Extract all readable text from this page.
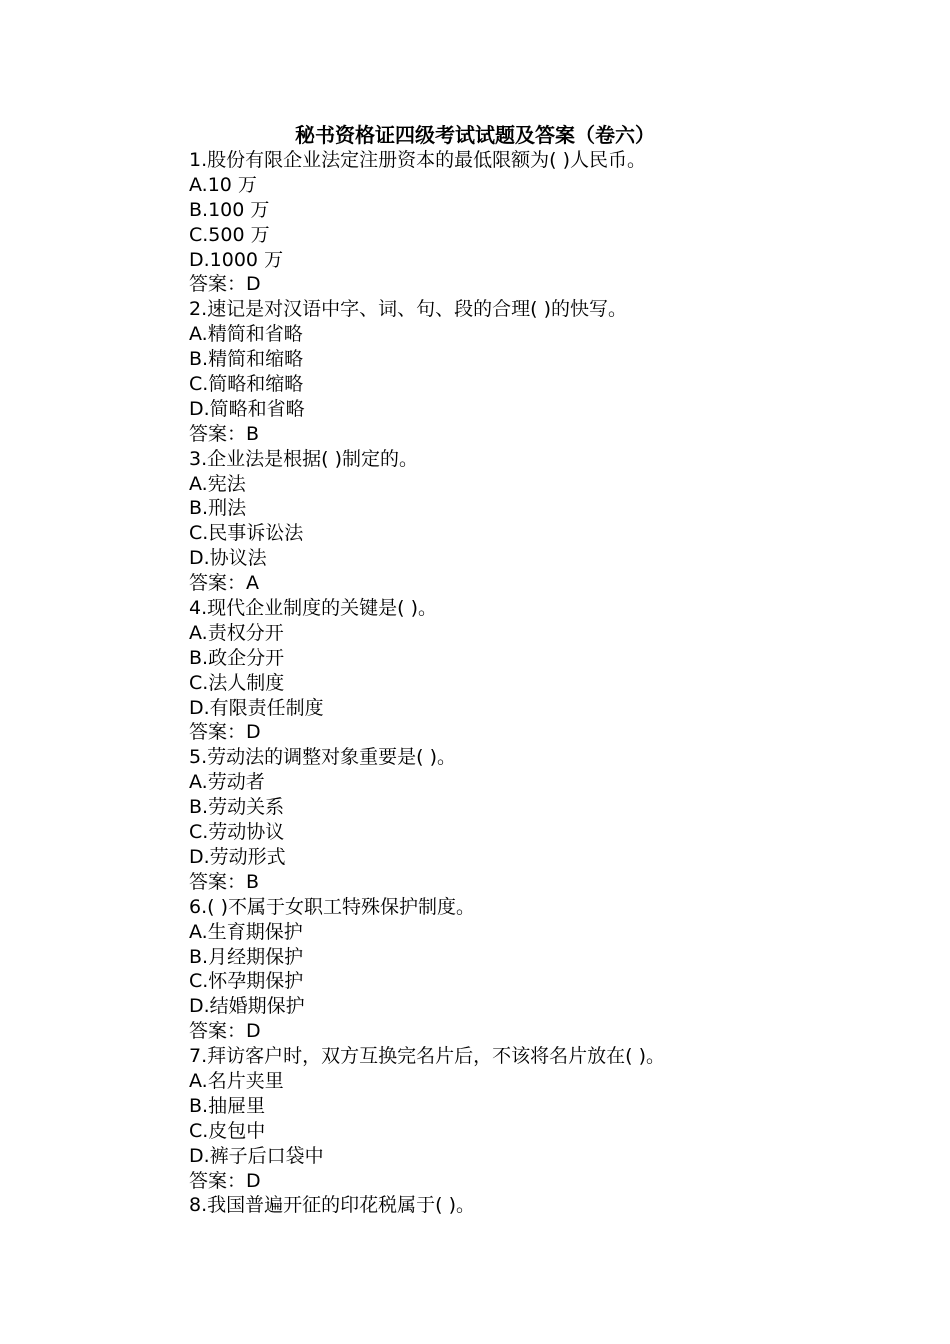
秘书资格证四级考试试题及答案（卷六）
1.股份有限企业法定注册资本的最低限额为( )人民币。
A.10 万
B.100 万
C.500 万
D.1000 万
答案：D
2.速记是对汉语中字、词、句、段的合理( )的快写。
A.精简和省略
B.精简和缩略
C.简略和缩略
D.简略和省略
答案：B
3.企业法是根据( )制定的。
A.宪法
B.刑法
C.民事诉讼法
D.协议法
答案：A
4.现代企业制度的关键是( )。
A.责权分开
B.政企分开
C.法人制度
D.有限责任制度
答案：D
5.劳动法的调整对象重要是( )。
A.劳动者
B.劳动关系
C.劳动协议
D.劳动形式
答案：B
6.( )不属于女职工特殊保护制度。
A.生育期保护
B.月经期保护
C.怀孕期保护
D.结婚期保护
答案：D
7.拜访客户时，双方互换完名片后，不该将名片放在( )。
A.名片夹里
B.抽屉里
C.皮包中
D.裤子后口袋中
答案：D
8.我国普遍开征的印花税属于( )。
